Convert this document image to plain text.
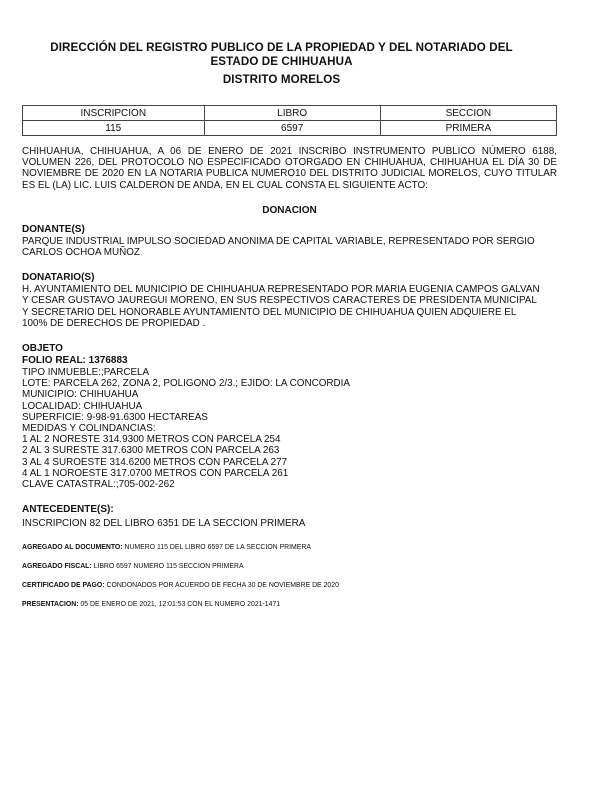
DIRECCIÓN DEL REGISTRO PUBLICO DE LA PROPIEDAD Y DEL NOTARIADO DEL
ESTADO DE CHIHUAHUA
DISTRITO MORELOS
INSCRIPCION	LIBRO	SECCION
115	6597	PRIMERA
CHIHUAHUA, CHIHUAHUA, A 06 DE ENERO DE 2021 INSCRIBO INSTRUMENTO PUBLICO NÚMERO 6188, VOLUMEN 226, DEL PROTOCOLO NO ESPECIFICADO OTORGADO EN CHIHUAHUA, CHIHUAHUA EL DÍA 30 DE NOVIEMBRE DE 2020 EN LA NOTARIA PUBLICA NUMERO10 DEL DISTRITO JUDICIAL MORELOS, CUYO TITULAR ES EL (LA) LIC. LUIS CALDERON DE ANDA, EN EL CUAL CONSTA EL SIGUIENTE ACTO:
DONACION
DONANTE(S)
PARQUE INDUSTRIAL IMPULSO SOCIEDAD ANONIMA DE CAPITAL VARIABLE, REPRESENTADO POR SERGIO CARLOS OCHOA MUÑOZ
DONATARIO(S)
H. AYUNTAMIENTO DEL MUNICIPIO DE CHIHUAHUA REPRESENTADO POR MARIA EUGENIA CAMPOS GALVAN Y CESAR GUSTAVO JAUREGUI MORENO, EN SUS RESPECTIVOS CARACTERES DE PRESIDENTA MUNICIPAL Y SECRETARIO DEL HONORABLE AYUNTAMIENTO DEL MUNICIPIO DE CHIHUAHUA QUIEN ADQUIERE EL 100% DE DERECHOS DE PROPIEDAD .
OBJETO
FOLIO REAL: 1376883
TIPO INMUEBLE:;PARCELA
LOTE: PARCELA 262, ZONA 2, POLIGONO 2/3.; EJIDO: LA CONCORDIA
MUNICIPIO: CHIHUAHUA
LOCALIDAD: CHIHUAHUA
SUPERFICIE: 9-98-91.6300 HECTAREAS
MEDIDAS Y COLINDANCIAS:
1 AL 2 NORESTE 314.9300 METROS CON PARCELA 254
2 AL 3 SURESTE 317.6300 METROS CON PARCELA 263
3 AL 4 SUROESTE 314.6200 METROS CON PARCELA 277
4 AL 1 NOROESTE 317.0700 METROS CON PARCELA 261
CLAVE CATASTRAL:;705-002-262
ANTECEDENTE(S):
INSCRIPCION 82 DEL LIBRO 6351 DE LA SECCION PRIMERA
AGREGADO AL DOCUMENTO: NUMERO 115 DEL LIBRO 6597 DE LA SECCION PRIMERA
AGREGADO FISCAL: LIBRO 6597 NUMERO 115 SECCION PRIMERA
CERTIFICADO DE PAGO: CONDONADOS POR ACUERDO DE FECHA 30 DE NOVIEMBRE DE 2020
PRESENTACION: 05 DE ENERO DE 2021, 12:01:53 CON EL NUMERO 2021-1471
